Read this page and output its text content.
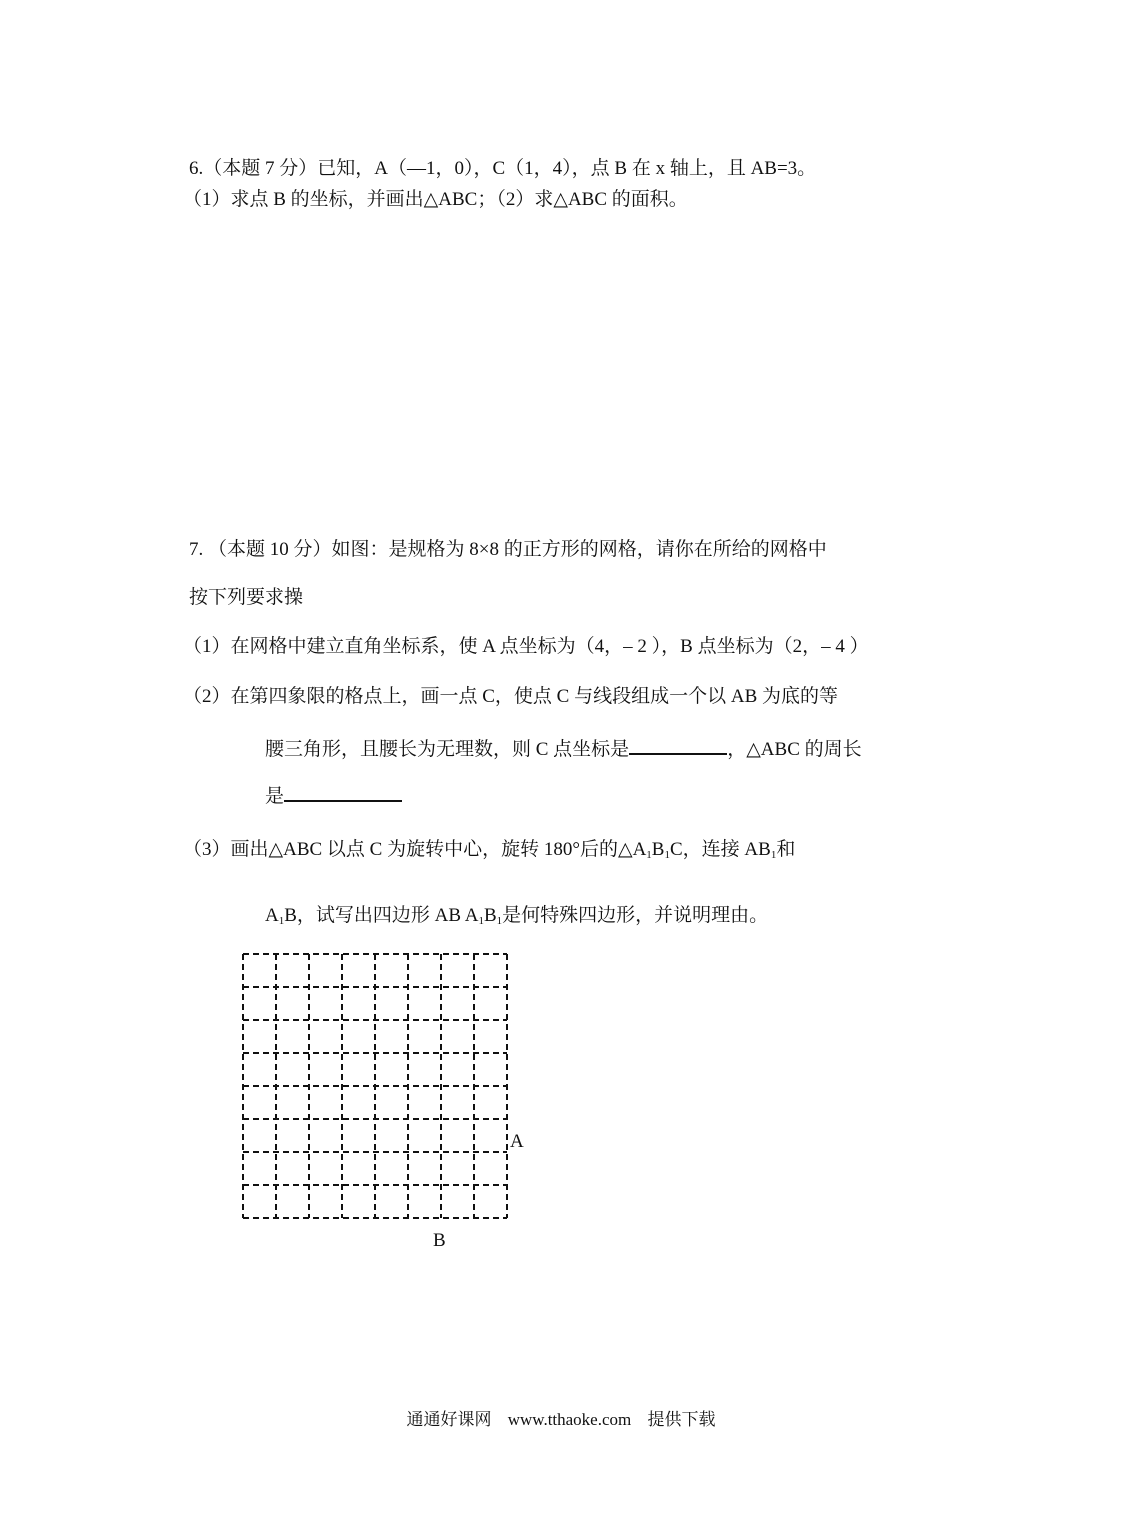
6.（本题 7 分）已知，A（—1，0），C（1，4），点 B 在 x 轴上，且 AB=3。
（1）求点 B 的坐标，并画出△ABC；（2）求△ABC 的面积。
7. （本题 10 分）如图：是规格为 8×8 的正方形的网格，请你在所给的网格中
按下列要求操
（1）在网格中建立直角坐标系，使 A 点坐标为（4，– 2 ），B 点坐标为（2，– 4 ）
（2）在第四象限的格点上，画一点 C，使点 C 与线段组成一个以 AB 为底的等
腰三角形，且腰长为无理数，则 C 点坐标是	，△ABC 的周长
是
（3）画出△ABC 以点 C 为旋转中心，旋转 180°后的$\triangle A_1B_1C$，连接 $AB_1$和
$A_1B$，试写出四边形 AB $A_1B_1$是何特殊四边形，并说明理由。
A
B
通通好课网 www.tthaoke.com 提供下载
